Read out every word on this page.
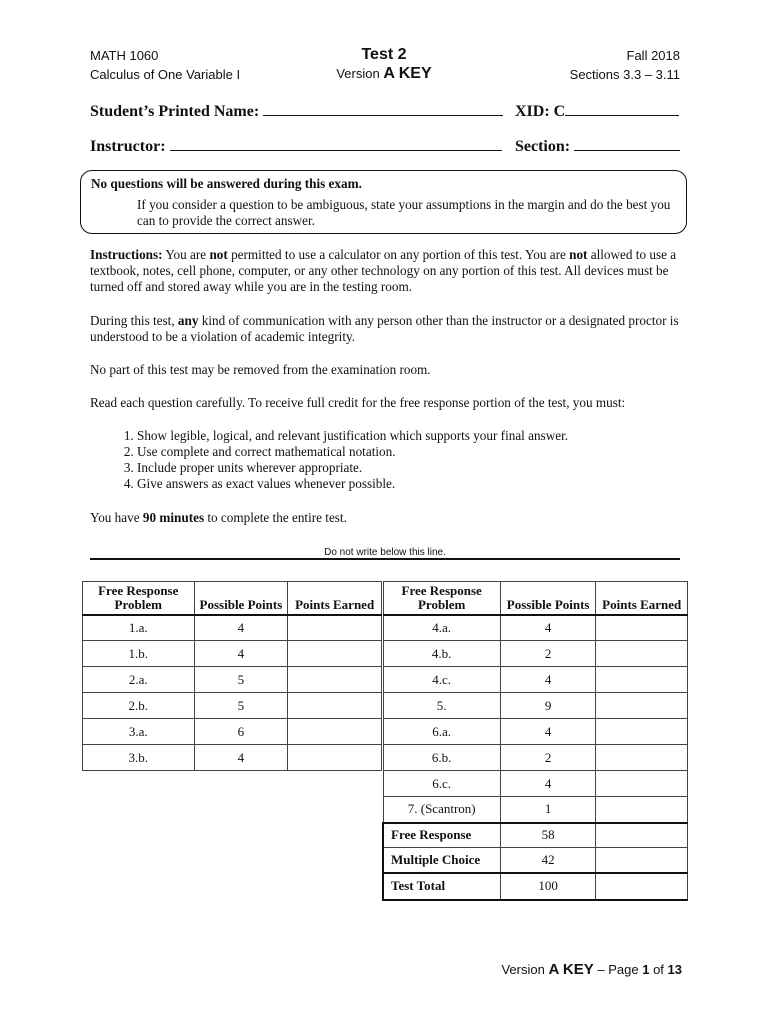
MATH 1060
Calculus of One Variable I
Test 2
Version A KEY
Fall 2018
Sections 3.3 – 3.11
Student’s Printed Name:	XID: C
Instructor:	Section:
No questions will be answered during this exam.
If you consider a question to be ambiguous, state your assumptions in the margin and do the best you can to provide the correct answer.
Instructions: You are not permitted to use a calculator on any portion of this test. You are not allowed to use a textbook, notes, cell phone, computer, or any other technology on any portion of this test. All devices must be turned off and stored away while you are in the testing room.
During this test, any kind of communication with any person other than the instructor or a designated proctor is understood to be a violation of academic integrity.
No part of this test may be removed from the examination room.
Read each question carefully. To receive full credit for the free response portion of the test, you must:
1. Show legible, logical, and relevant justification which supports your final answer.
2. Use complete and correct mathematical notation.
3. Include proper units wherever appropriate.
4. Give answers as exact values whenever possible.
You have 90 minutes to complete the entire test.
Do not write below this line.
Free Response Problem	Possible Points	Points Earned
1.a.	4	
1.b.	4	
2.a.	5	
2.b.	5	
3.a.	6	
3.b.	4	
Free Response Problem	Possible Points	Points Earned
4.a.	4	
4.b.	2	
4.c.	4	
5.	9	
6.a.	4	
6.b.	2	
6.c.	4	
7. (Scantron)	1	
Free Response	58	
Multiple Choice	42	
Test Total	100	
Version A KEY – Page 1 of 13
